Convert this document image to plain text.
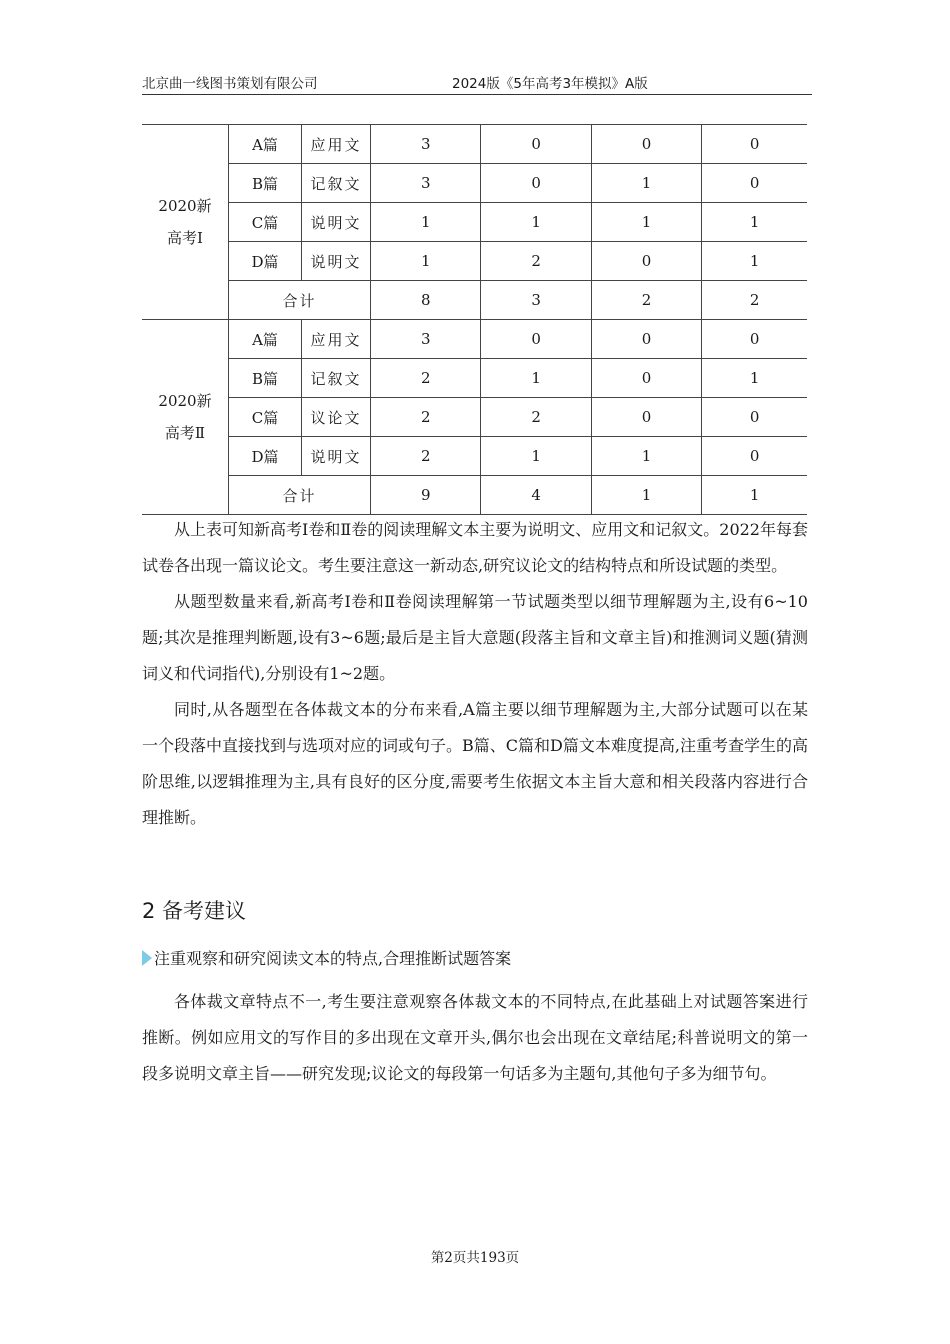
北京曲一线图书策划有限公司	2024版《5年高考3年模拟》A版
2020新
高考Ⅰ	A篇	应用文	3	0	0	0
	B篇	记叙文	3	0	1	0
	C篇	说明文	1	1	1	1
	D篇	说明文	1	2	0	1
	合计		8	3	2	2

2020新
高考Ⅱ	A篇	应用文	3	0	0	0
	B篇	记叙文	2	1	0	1
	C篇	议论文	2	2	0	0
	D篇	说明文	2	1	1	0
	合计		9	4	1	1

从上表可知新高考Ⅰ卷和Ⅱ卷的阅读理解文本主要为说明文、应用文和记叙文。2022年每套试卷各出现一篇议论文。考生要注意这一新动态,研究议论文的结构特点和所设试题的类型。

从题型数量来看,新高考Ⅰ卷和Ⅱ卷阅读理解第一节试题类型以细节理解题为主,设有6~10题;其次是推理判断题,设有3~6题;最后是主旨大意题(段落主旨和文章主旨)和推测词义题(猜测词义和代词指代),分别设有1~2题。

同时,从各题型在各体裁文本的分布来看,A篇主要以细节理解题为主,大部分试题可以在某一个段落中直接找到与选项对应的词或句子。B篇、C篇和D篇文本难度提高,注重考查学生的高阶思维,以逻辑推理为主,具有良好的区分度,需要考生依据文本主旨大意和相关段落内容进行合理推断。

2 备考建议
注重观察和研究阅读文本的特点,合理推断试题答案

各体裁文章特点不一,考生要注意观察各体裁文本的不同特点,在此基础上对试题答案进行推断。例如应用文的写作目的多出现在文章开头,偶尔也会出现在文章结尾;科普说明文的第一段多说明文章主旨——研究发现;议论文的每段第一句话多为主题句,其他句子多为细节句。

第2页共193页
